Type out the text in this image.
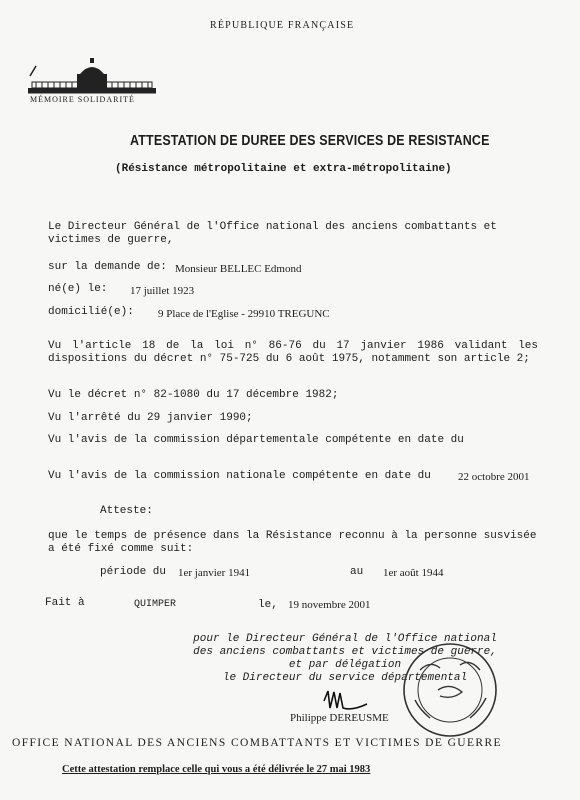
RÉPUBLIQUE FRANÇAISE
MÉMOIRE SOLIDARITÉ
ATTESTATION DE DUREE DES SERVICES DE RESISTANCE
(Résistance métropolitaine et extra-métropolitaine)
Le Directeur Général de l'Office national des anciens combattants et victimes de guerre,
sur la demande de: Monsieur BELLEC Edmond
né(e) le: 17 juillet 1923
domicilié(e): 9 Place de l'Eglise - 29910 TREGUNC
Vu l'article 18 de la loi n° 86-76 du 17 janvier 1986 validant les dispositions du décret n° 75-725 du 6 août 1975, notamment son article 2;
Vu le décret n° 82-1080 du 17 décembre 1982;
Vu l'arrêté du 29 janvier 1990;
Vu l'avis de la commission départementale compétente en date du
Vu l'avis de la commission nationale compétente en date du 22 octobre 2001
Atteste:
que le temps de présence dans la Résistance reconnu à la personne susvisée a été fixé comme suit:
période du 1er janvier 1941	au 1er août 1944
Fait à	QUIMPER	le, 19 novembre 2001
pour le Directeur Général de l'Office national
des anciens combattants et victimes de guerre,
et par délégation
le Directeur du service départemental
Philippe DEREUSME
OFFICE NATIONAL DES ANCIENS COMBATTANTS ET VICTIMES DE GUERRE
Cette attestation remplace celle qui vous a été délivrée le 27 mai 1983
